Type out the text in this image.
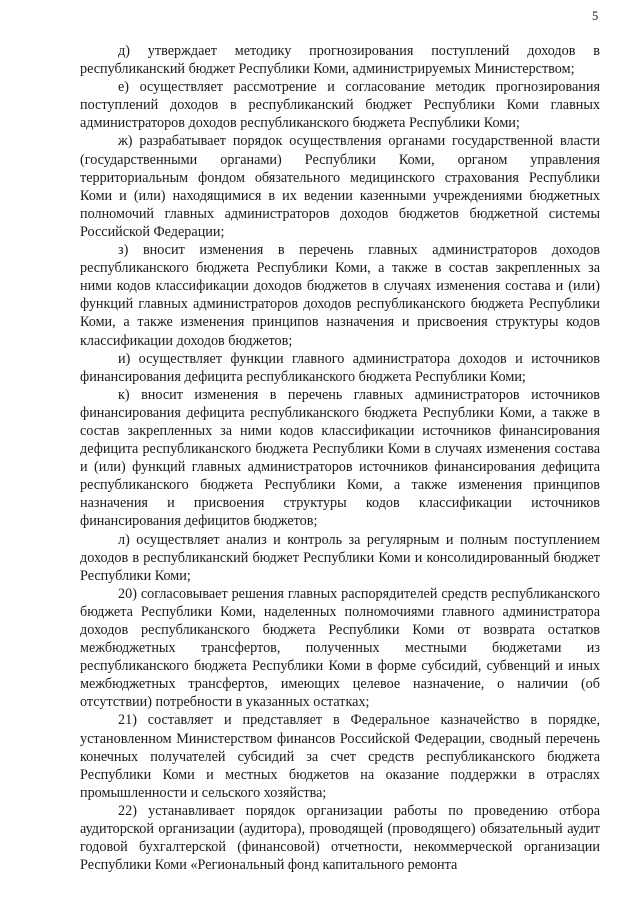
5

д) утверждает методику прогнозирования поступлений доходов в республиканский бюджет Республики Коми, администрируемых Министерством;

е) осуществляет рассмотрение и согласование методик прогнозирования поступлений доходов в республиканский бюджет Республики Коми главных администраторов доходов республиканского бюджета Республики Коми;

ж) разрабатывает порядок осуществления органами государственной власти (государственными органами) Республики Коми, органом управления территориальным фондом обязательного медицинского страхования Республики Коми и (или) находящимися в их ведении казенными учреждениями бюджетных полномочий главных администраторов доходов бюджетов бюджетной системы Российской Федерации;

з) вносит изменения в перечень главных администраторов доходов республиканского бюджета Республики Коми, а также в состав закрепленных за ними кодов классификации доходов бюджетов в случаях изменения состава и (или) функций главных администраторов доходов республиканского бюджета Республики Коми, а также изменения принципов назначения и присвоения структуры кодов классификации доходов бюджетов;

и) осуществляет функции главного администратора доходов и источников финансирования дефицита республиканского бюджета Республики Коми;

к) вносит изменения в перечень главных администраторов источников финансирования дефицита республиканского бюджета Республики Коми, а также в состав закрепленных за ними кодов классификации источников финансирования дефицита республиканского бюджета Республики Коми в случаях изменения состава и (или) функций главных администраторов источников финансирования дефицита республиканского бюджета Республики Коми, а также изменения принципов назначения и присвоения структуры кодов классификации источников финансирования дефицитов бюджетов;

л) осуществляет анализ и контроль за регулярным и полным поступлением доходов в республиканский бюджет Республики Коми и консолидированный бюджет Республики Коми;

20) согласовывает решения главных распорядителей средств республиканского бюджета Республики Коми, наделенных полномочиями главного администратора доходов республиканского бюджета Республики Коми от возврата остатков межбюджетных трансфертов, полученных местными бюджетами из республиканского бюджета Республики Коми в форме субсидий, субвенций и иных межбюджетных трансфертов, имеющих целевое назначение, о наличии (об отсутствии) потребности в указанных остатках;

21) составляет и представляет в Федеральное казначейство в порядке, установленном Министерством финансов Российской Федерации, сводный перечень конечных получателей субсидий за счет средств республиканского бюджета Республики Коми и местных бюджетов на оказание поддержки в отраслях промышленности и сельского хозяйства;

22) устанавливает порядок организации работы по проведению отбора аудиторской организации (аудитора), проводящей (проводящего) обязательный аудит годовой бухгалтерской (финансовой) отчетности, некоммерческой организации Республики Коми «Региональный фонд капитального ремонта
